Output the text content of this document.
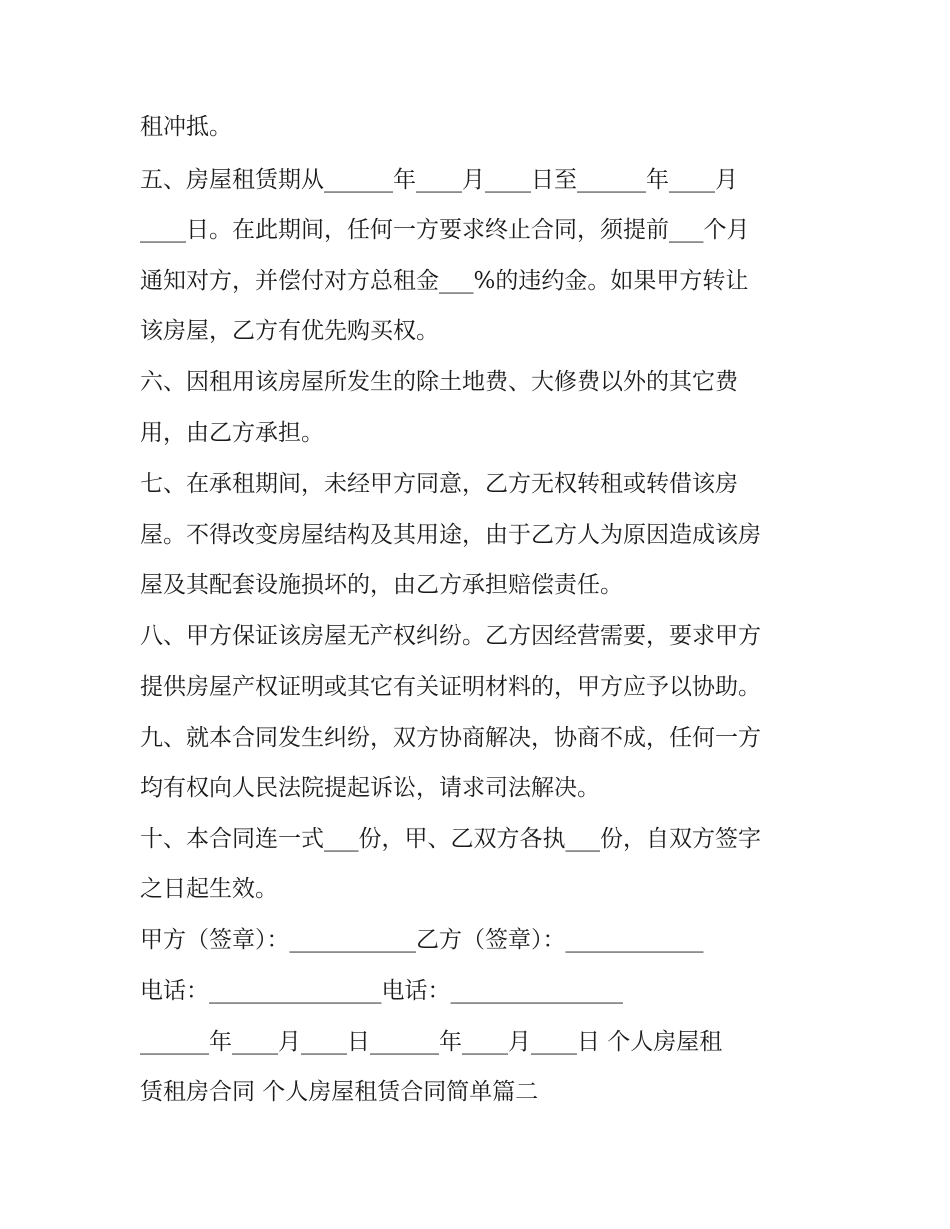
租冲抵。
五、房屋租赁期从______年____月____日至______年____月
____日。在此期间，任何一方要求终止合同，须提前___个月
通知对方，并偿付对方总租金___%的违约金。如果甲方转让
该房屋，乙方有优先购买权。
六、因租用该房屋所发生的除土地费、大修费以外的其它费
用，由乙方承担。
七、在承租期间，未经甲方同意，乙方无权转租或转借该房
屋。不得改变房屋结构及其用途，由于乙方人为原因造成该房
屋及其配套设施损坏的，由乙方承担赔偿责任。
八、甲方保证该房屋无产权纠纷。乙方因经营需要，要求甲方
提供房屋产权证明或其它有关证明材料的，甲方应予以协助。
九、就本合同发生纠纷，双方协商解决，协商不成，任何一方
均有权向人民法院提起诉讼，请求司法解决。
十、本合同连一式___份，甲、乙双方各执___份，自双方签字
之日起生效。
甲方（签章）：___________乙方（签章）：____________
电话：_______________电话：_______________
______年____月____日______年____月____日 个人房屋租
赁租房合同 个人房屋租赁合同简单篇二
